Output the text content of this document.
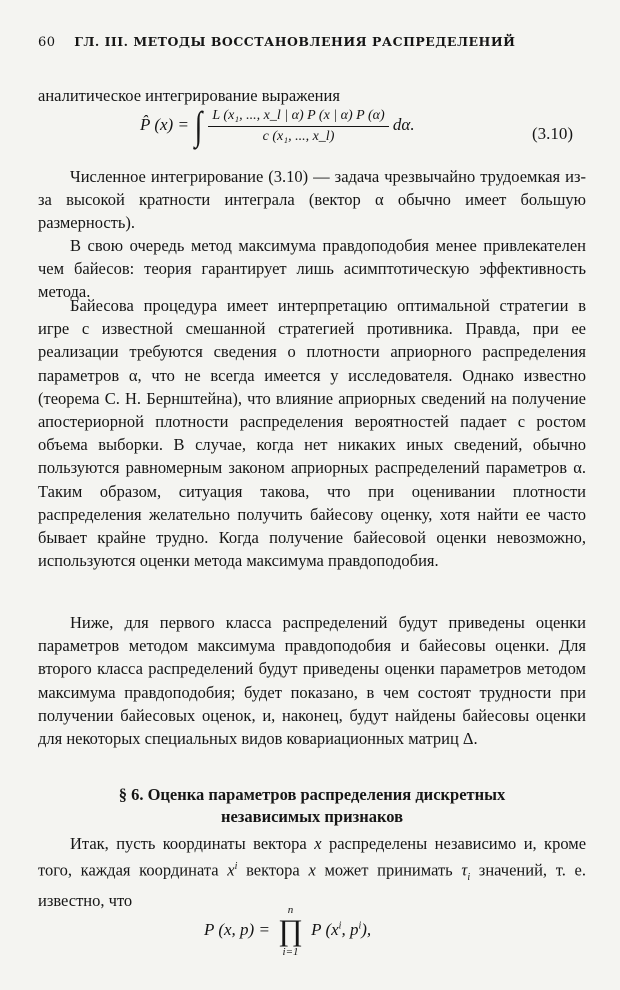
60 ГЛ. III. МЕТОДЫ ВОССТАНОВЛЕНИЯ РАСПРЕДЕЛЕНИЙ

аналитическое интегрирование выражения

P̂ (x) = ∫ $\frac{\text{L (x₁, ..., x\_l | α) P (x | α) P (α)}}{\text{c (x₁, ..., x\_l)}} d\alpha$.	(3.10)

Численное интегрирование (3.10) — задача чрезвычайно трудоемкая из-за высокой кратности интеграла (вектор α обычно имеет большую размерность).

В свою очередь метод максимума правдоподобия менее привлекателен чем байесов: теория гарантирует лишь асимптотическую эффективность метода.

Байесова процедура имеет интерпретацию оптимальной стратегии в игре с известной смешанной стратегией противника. Правда, при ее реализации требуются сведения о плотности априорного распределения параметров α, что не всегда имеется у исследователя. Однако известно (теорема С. Н. Бернштейна), что влияние априорных сведений на получение апостериорной плотности распределения вероятностей падает с ростом объема выборки. В случае, когда нет никаких иных сведений, обычно пользуются равномерным законом априорных распределений параметров α. Таким образом, ситуация такова, что при оценивании плотности распределения желательно получить байесову оценку, хотя найти ее часто бывает крайне трудно. Когда получение байесовой оценки невозможно, используются оценки метода максимума правдоподобия.

Ниже, для первого класса распределений будут приведены оценки параметров методом максимума правдоподобия и байесовы оценки. Для второго класса распределений будут приведены оценки параметров методом максимума правдоподобия; будет показано, в чем состоят трудности при получении байесовых оценок, и, наконец, будут найдены байесовы оценки для некоторых специальных видов ковариационных матриц Δ.

§ 6. Оценка параметров распределения дискретных
независимых признаков

Итак, пусть координаты вектора x распределены независимо и, кроме того, каждая координата $x^i$ вектора x может принимать $\tau_i$ значений, т. е. известно, что

P (x, p) =
n
∏
i=1
P ($x^i$, $p^i$),
